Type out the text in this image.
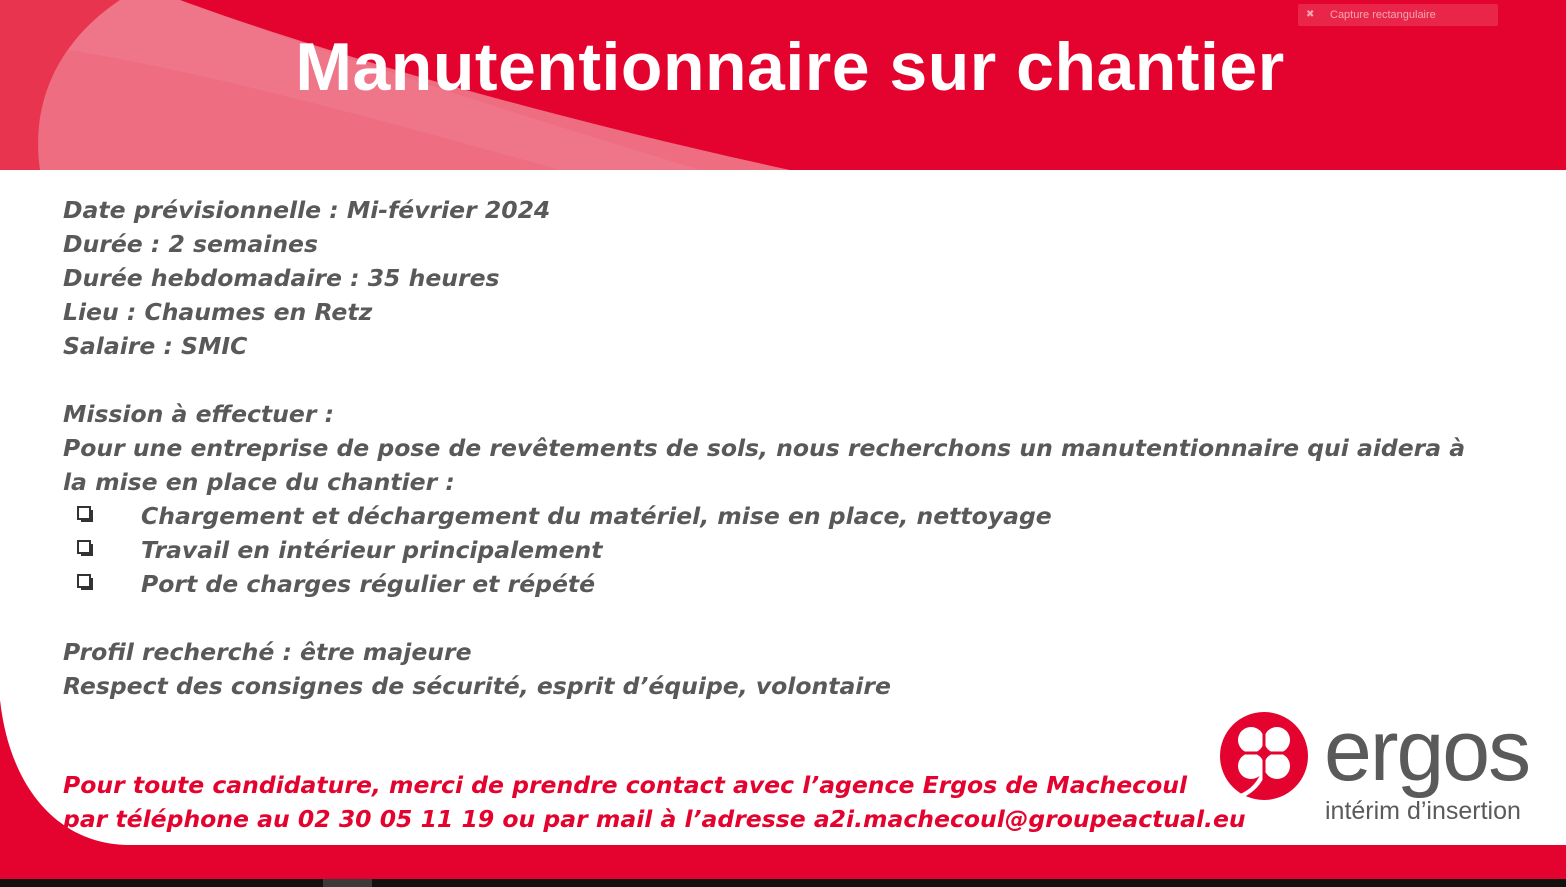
Manutentionnaire sur chantier
✖	Capture rectangulaire
Date prévisionnelle : Mi-février 2024
Durée : 2 semaines
Durée hebdomadaire : 35 heures
Lieu : Chaumes en Retz
Salaire : SMIC
Mission à effectuer :
Pour une entreprise de pose de revêtements de sols, nous recherchons un manutentionnaire qui aidera à la mise en place du chantier :
Chargement et déchargement du matériel, mise en place, nettoyage
Travail en intérieur principalement
Port de charges régulier et répété
Profil recherché : être majeure
Respect des consignes de sécurité, esprit d’équipe, volontaire
Pour toute candidature, merci de prendre contact avec l’agence Ergos de Machecoul
par téléphone au 02 30 05 11 19 ou par mail à l’adresse a2i.machecoul@groupeactual.eu
ergos
intérim d’insertion
